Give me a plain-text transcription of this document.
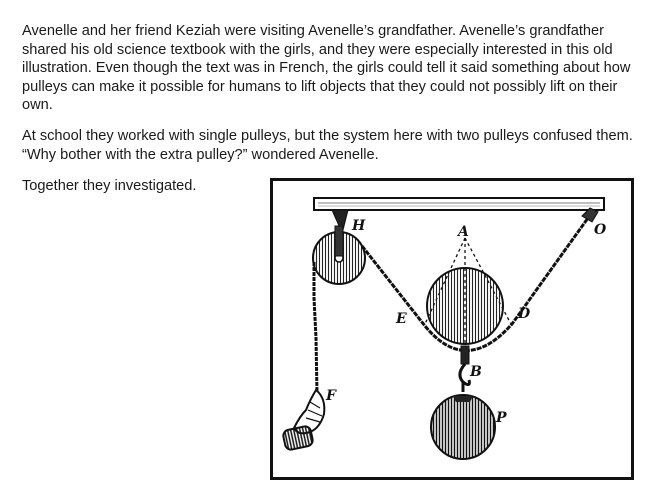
Avenelle and her friend Keziah were visiting Avenelle’s grandfather. Avenelle’s grandfather shared his old science textbook with the girls, and they were especially interested in this old illustration. Even though the text was in French, the girls could tell it said something about how pulleys can make it possible for humans to lift objects that they could not possibly lift on their own.

At school they worked with single pulleys, but the system here with two pulleys confused them. “Why bother with the extra pulley?” wondered Avenelle.

Together they investigated.

H	A	O
E	D
B
F
P
